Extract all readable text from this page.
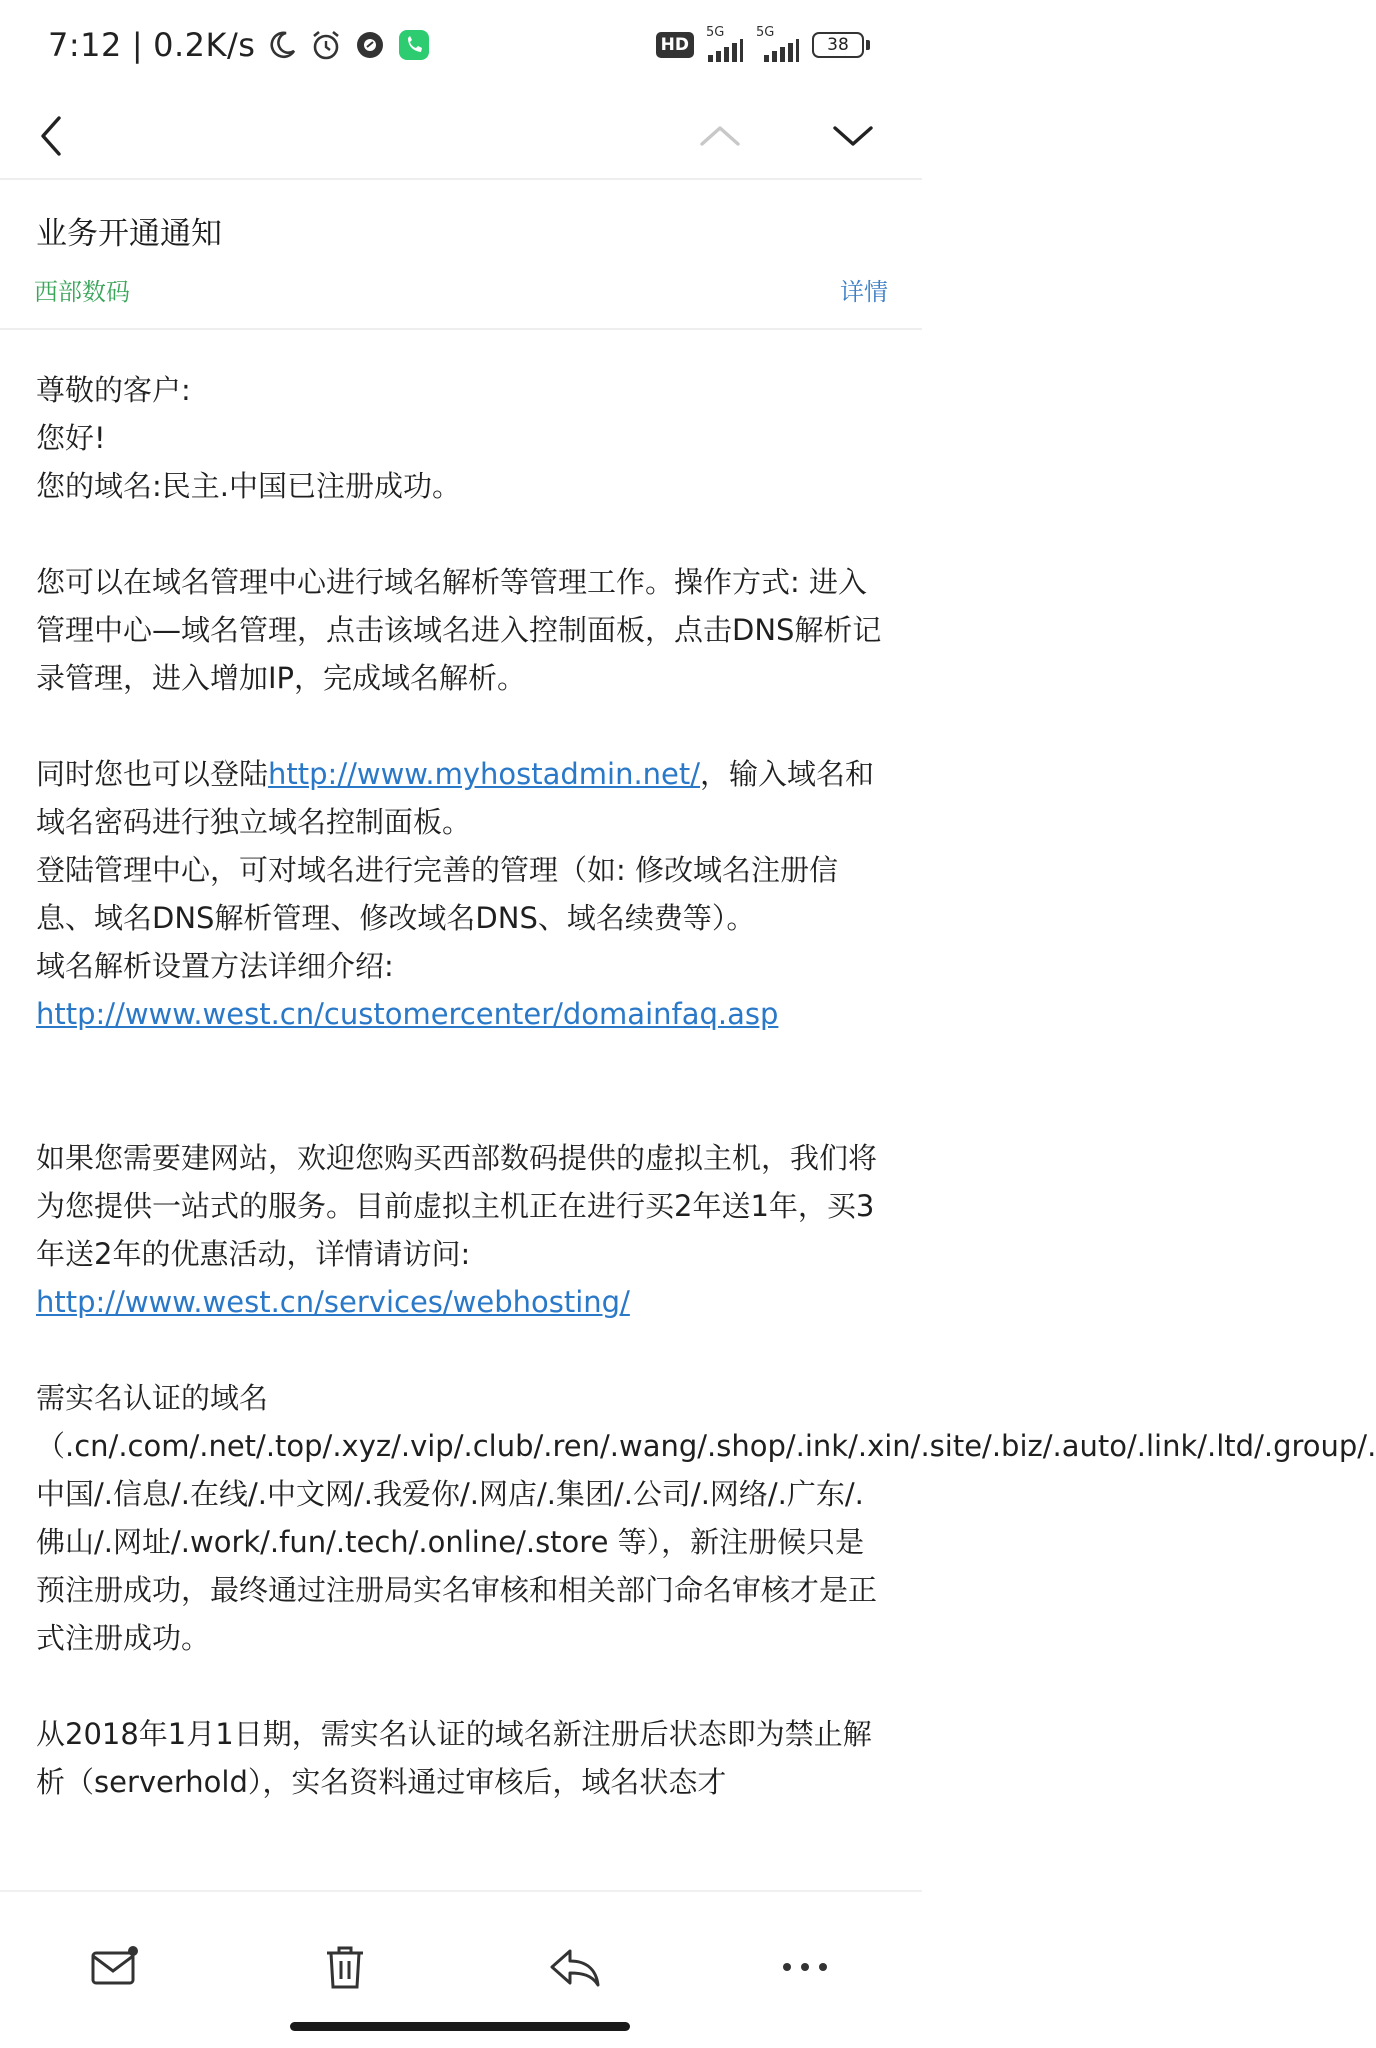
7:12 | 0.2K/s	HD
5G 5G
38
业务开通通知
西部数码	详情

尊敬的客户:

您好!

您的域名:民主.中国已注册成功。

您可以在域名管理中心进行域名解析等管理工作。操作方式: 进入管理中心—域名管理，点击该域名进入控制面板，点击DNS解析记录管理，进入增加IP，完成域名解析。

同时您也可以登陆http://www.myhostadmin.net/，输入域名和域名密码进行独立域名控制面板。

登陆管理中心，可对域名进行完善的管理（如: 修改域名注册信息、域名DNS解析管理、修改域名DNS、域名续费等）。

域名解析设置方法详细介绍:

http://www.west.cn/customercenter/domainfaq.asp

如果您需要建网站，欢迎您购买西部数码提供的虚拟主机，我们将为您提供一站式的服务。目前虚拟主机正在进行买2年送1年，买3年送2年的优惠活动，详情请访问:

http://www.west.cn/services/webhosting/

需实名认证的域名（.cn/.com/.net/.top/.xyz/.vip/.club/.ren/.wang/.shop/.ink/.xin/.site/.biz/.auto/.link/.ltd/.group/.中国/.信息/.在线/.中文网/.我爱你/.网店/.集团/.公司/.网络/.广东/.佛山/.网址/.work/.fun/.tech/.online/.store 等），新注册候只是预注册成功，最终通过注册局实名审核和相关部门命名审核才是正式注册成功。

从2018年1月1日期，需实名认证的域名新注册后状态即为禁止解析（serverhold），实名资料通过审核后，域名状态才
